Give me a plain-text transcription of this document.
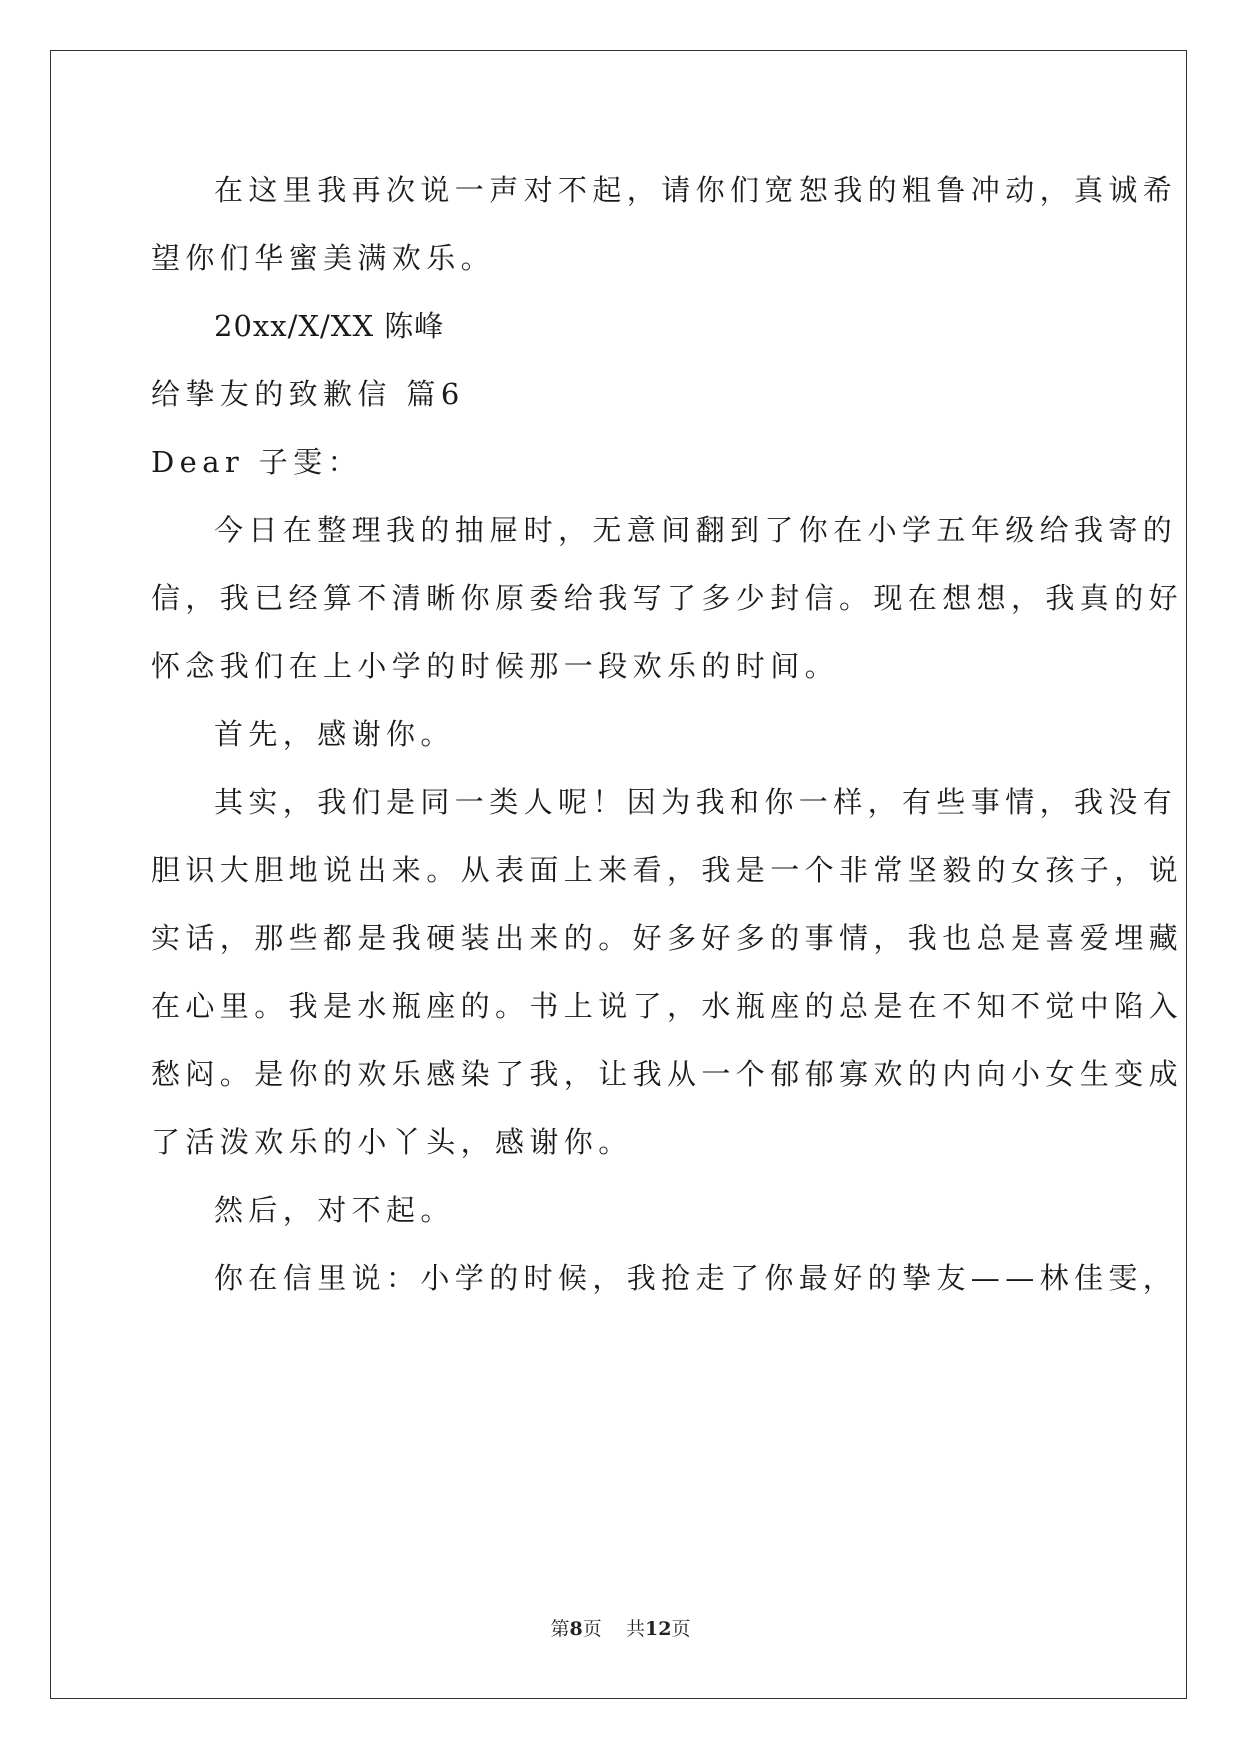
在这里我再次说一声对不起，请你们宽恕我的粗鲁冲动，真诚希
望你们华蜜美满欢乐。
20xx/X/XX 陈峰
给挚友的致歉信 篇6
Dear 子雯：
今日在整理我的抽屉时，无意间翻到了你在小学五年级给我寄的
信，我已经算不清晰你原委给我写了多少封信。现在想想，我真的好
怀念我们在上小学的时候那一段欢乐的时间。
首先，感谢你。
其实，我们是同一类人呢！因为我和你一样，有些事情，我没有
胆识大胆地说出来。从表面上来看，我是一个非常坚毅的女孩子，说
实话，那些都是我硬装出来的。好多好多的事情，我也总是喜爱埋藏
在心里。我是水瓶座的。书上说了，水瓶座的总是在不知不觉中陷入
愁闷。是你的欢乐感染了我，让我从一个郁郁寡欢的内向小女生变成
了活泼欢乐的小丫头，感谢你。
然后，对不起。
你在信里说：小学的时候，我抢走了你最好的挚友——林佳雯，
第8页 共12页
